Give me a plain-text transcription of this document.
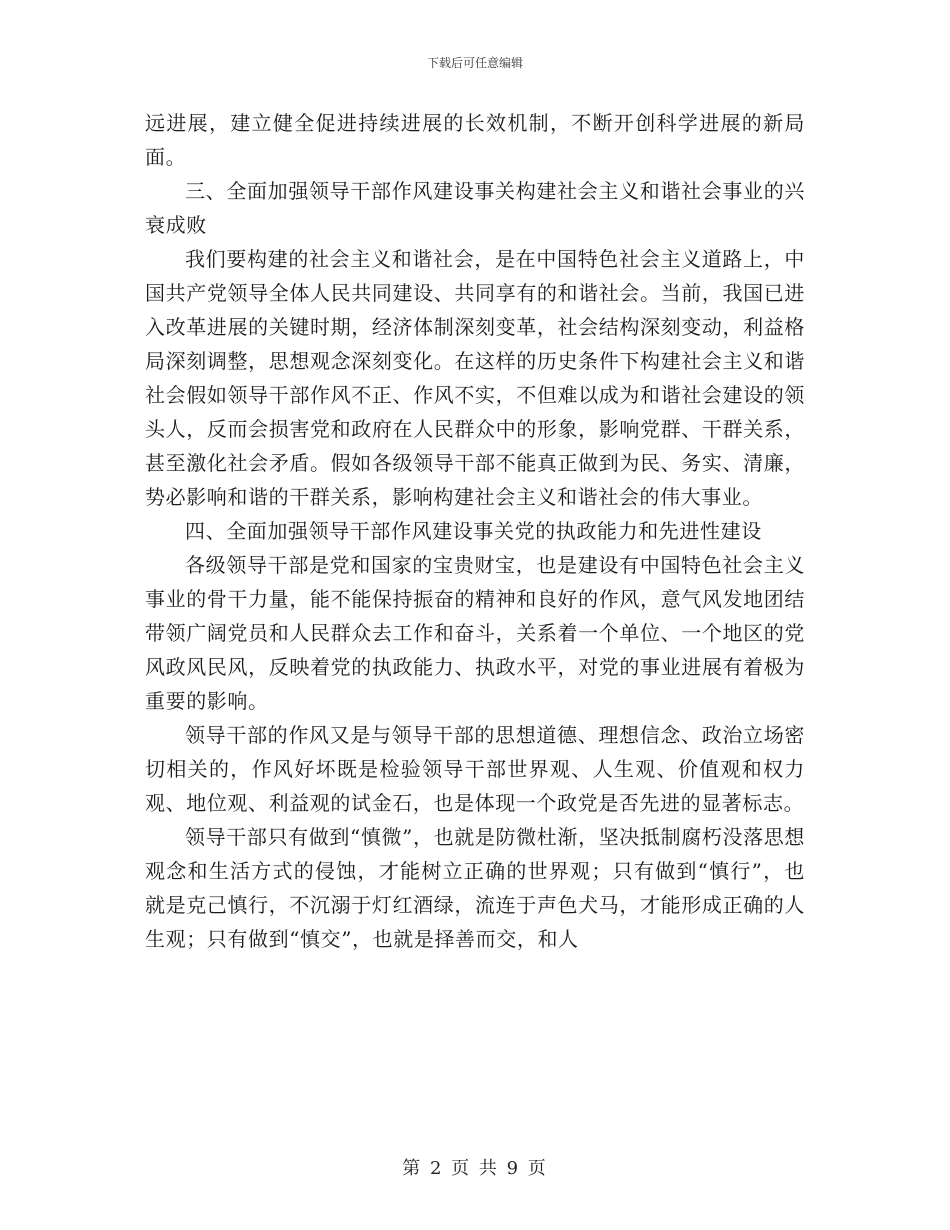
下载后可任意编辑

远进展，建立健全促进持续进展的长效机制，不断开创科学进展的新局面。

三、全面加强领导干部作风建设事关构建社会主义和谐社会事业的兴衰成败

我们要构建的社会主义和谐社会，是在中国特色社会主义道路上，中国共产党领导全体人民共同建设、共同享有的和谐社会。当前，我国已进入改革进展的关键时期，经济体制深刻变革，社会结构深刻变动，利益格局深刻调整，思想观念深刻变化。在这样的历史条件下构建社会主义和谐社会假如领导干部作风不正、作风不实，不但难以成为和谐社会建设的领头人，反而会损害党和政府在人民群众中的形象，影响党群、干群关系，甚至激化社会矛盾。假如各级领导干部不能真正做到为民、务实、清廉，势必影响和谐的干群关系，影响构建社会主义和谐社会的伟大事业。

四、全面加强领导干部作风建设事关党的执政能力和先进性建设

各级领导干部是党和国家的宝贵财宝，也是建设有中国特色社会主义事业的骨干力量，能不能保持振奋的精神和良好的作风，意气风发地团结带领广阔党员和人民群众去工作和奋斗，关系着一个单位、一个地区的党风政风民风，反映着党的执政能力、执政水平，对党的事业进展有着极为重要的影响。

领导干部的作风又是与领导干部的思想道德、理想信念、政治立场密切相关的，作风好坏既是检验领导干部世界观、人生观、价值观和权力观、地位观、利益观的试金石，也是体现一个政党是否先进的显著标志。

领导干部只有做到“慎微”，也就是防微杜渐，坚决抵制腐朽没落思想观念和生活方式的侵蚀，才能树立正确的世界观；只有做到“慎行”，也就是克己慎行，不沉溺于灯红酒绿，流连于声色犬马，才能形成正确的人生观；只有做到“慎交”，也就是择善而交，和人

第 2 页 共 9 页
